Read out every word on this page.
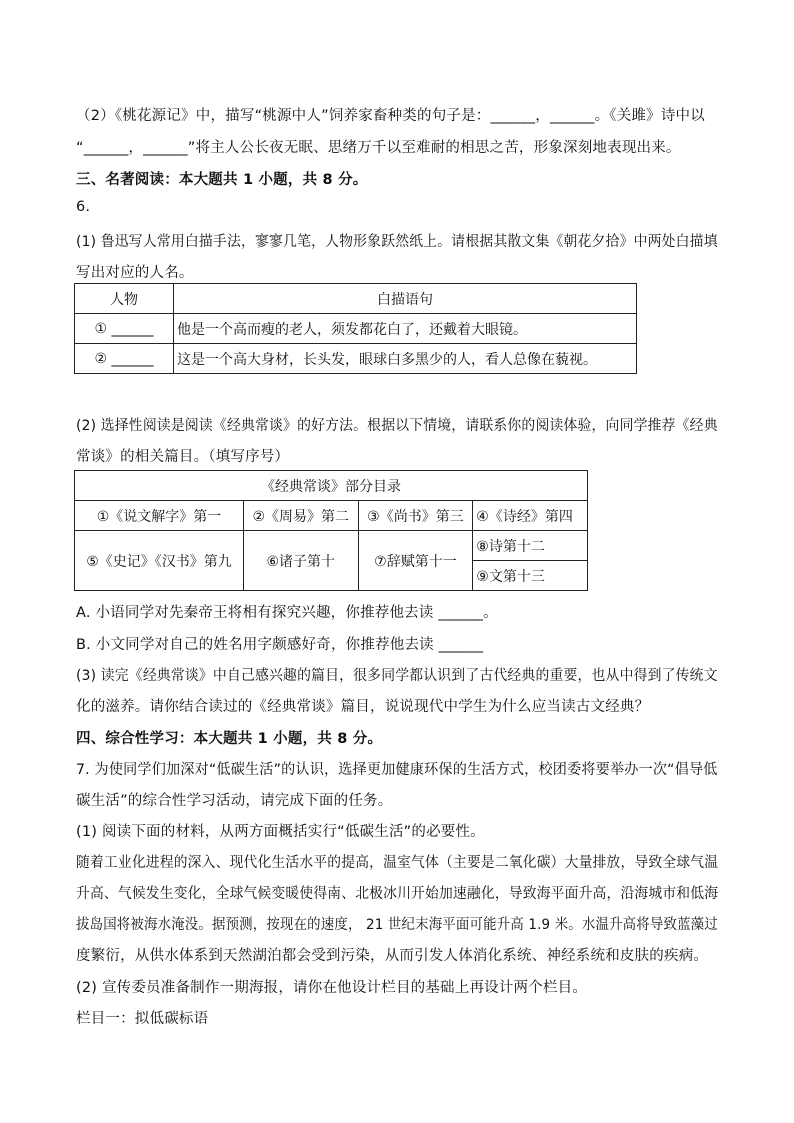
（2）《桃花源记》中，描写“桃源中人”饲养家畜种类的句子是：______，______。《关雎》诗中以
“______，______”将主人公长夜无眠、思绪万千以至难耐的相思之苦，形象深刻地表现出来。
三、名著阅读：本大题共 1 小题，共 8 分。
6.
(1) 鲁迅写人常用白描手法，寥寥几笔，人物形象跃然纸上。请根据其散文集《朝花夕拾》中两处白描填
写出对应的人名。
人物	白描语句
① ______	他是一个高而瘦的老人，须发都花白了，还戴着大眼镜。
② ______	这是一个高大身材，长头发，眼球白多黑少的人，看人总像在藐视。
(2) 选择性阅读是阅读《经典常谈》的好方法。根据以下情境，请联系你的阅读体验，向同学推荐《经典
常谈》的相关篇目。（填写序号）
《经典常谈》部分目录			
①《说文解字》第一	②《周易》第二	③《尚书》第三	④《诗经》第四
⑤《史记》《汉书》第九	⑥诸子第十	⑦辞赋第十一	⑧诗第十二
			⑨文第十三
A. 小语同学对先秦帝王将相有探究兴趣，你推荐他去读 ______。
B. 小文同学对自己的姓名用字颇感好奇，你推荐他去读 ______
(3) 读完《经典常谈》中自己感兴趣的篇目，很多同学都认识到了古代经典的重要，也从中得到了传统文
化的滋养。请你结合读过的《经典常谈》篇目，说说现代中学生为什么应当读古文经典？
四、综合性学习：本大题共 1 小题，共 8 分。
7. 为使同学们加深对“低碳生活”的认识，选择更加健康环保的生活方式，校团委将要举办一次“倡导低
碳生活”的综合性学习活动，请完成下面的任务。
(1) 阅读下面的材料，从两方面概括实行“低碳生活”的必要性。
随着工业化进程的深入、现代化生活水平的提高，温室气体（主要是二氧化碳）大量排放，导致全球气温
升高、气候发生变化，全球气候变暖使得南、北极冰川开始加速融化，导致海平面升高，沿海城市和低海
拔岛国将被海水淹没。据预测，按现在的速度， 21 世纪末海平面可能升高 1.9 米。水温升高将导致蓝藻过
度繁衍，从供水体系到天然湖泊都会受到污染，从而引发人体消化系统、神经系统和皮肤的疾病。
(2) 宣传委员准备制作一期海报，请你在他设计栏目的基础上再设计两个栏目。
栏目一：拟低碳标语
